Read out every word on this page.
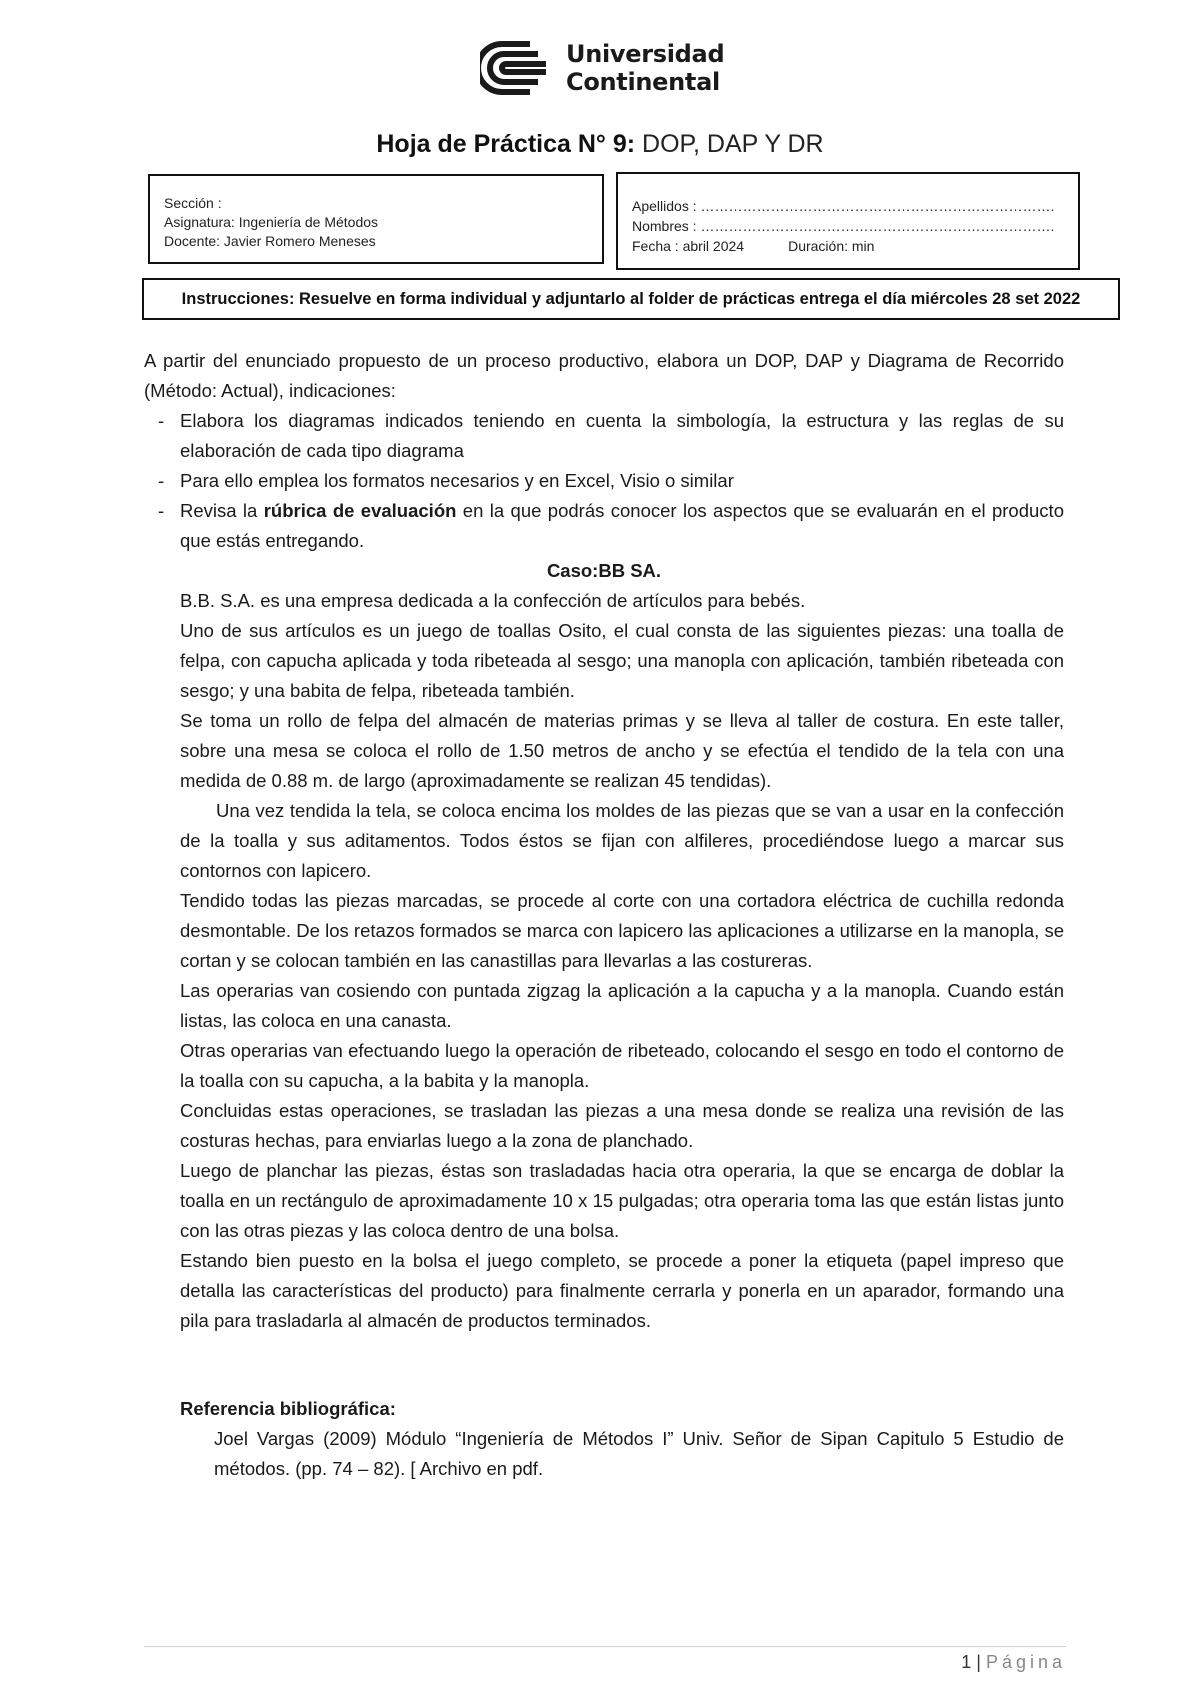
Universidad
Continental
Hoja de Práctica N° 9: DOP, DAP Y DR
Sección :
Asignatura: Ingeniería de Métodos
Docente: Javier Romero Meneses
Apellidos : ………………………………………………………………….
Nombres : ………………………………………………………………….
Fecha : abril 2024	Duración: min
Instrucciones: Resuelve en forma individual y adjuntarlo al folder de prácticas entrega el día miércoles 28 set 2022

A partir del enunciado propuesto de un proceso productivo, elabora un DOP, DAP y Diagrama de Recorrido (Método: Actual), indicaciones:

- Elabora los diagramas indicados teniendo en cuenta la simbología, la estructura y las reglas de su elaboración de cada tipo diagrama
- Para ello emplea los formatos necesarios y en Excel, Visio o similar
- Revisa la rúbrica de evaluación en la que podrás conocer los aspectos que se evaluarán en el producto que estás entregando.

Caso:BB SA.

B.B. S.A. es una empresa dedicada a la confección de artículos para bebés.

Uno de sus artículos es un juego de toallas Osito, el cual consta de las siguientes piezas: una toalla de felpa, con capucha aplicada y toda ribeteada al sesgo; una manopla con aplicación, también ribeteada con sesgo; y una babita de felpa, ribeteada también.

Se toma un rollo de felpa del almacén de materias primas y se lleva al taller de costura. En este taller, sobre una mesa se coloca el rollo de 1.50 metros de ancho y se efectúa el tendido de la tela con una medida de 0.88 m. de largo (aproximadamente se realizan 45 tendidas).

Una vez tendida la tela, se coloca encima los moldes de las piezas que se van a usar en la confección de la toalla y sus aditamentos. Todos éstos se fijan con alfileres, procediéndose luego a marcar sus contornos con lapicero.

Tendido todas las piezas marcadas, se procede al corte con una cortadora eléctrica de cuchilla redonda desmontable. De los retazos formados se marca con lapicero las aplicaciones a utilizarse en la manopla, se cortan y se colocan también en las canastillas para llevarlas a las costureras.

Las operarias van cosiendo con puntada zigzag la aplicación a la capucha y a la manopla. Cuando están listas, las coloca en una canasta.

Otras operarias van efectuando luego la operación de ribeteado, colocando el sesgo en todo el contorno de la toalla con su capucha, a la babita y la manopla.

Concluidas estas operaciones, se trasladan las piezas a una mesa donde se realiza una revisión de las costuras hechas, para enviarlas luego a la zona de planchado.

Luego de planchar las piezas, éstas son trasladadas hacia otra operaria, la que se encarga de doblar la toalla en un rectángulo de aproximadamente 10 x 15 pulgadas; otra operaria toma las que están listas junto con las otras piezas y las coloca dentro de una bolsa.

Estando bien puesto en la bolsa el juego completo, se procede a poner la etiqueta (papel impreso que detalla las características del producto) para finalmente cerrarla y ponerla en un aparador, formando una pila para trasladarla al almacén de productos terminados.

Referencia bibliográfica:

Joel Vargas (2009) Módulo “Ingeniería de Métodos I” Univ. Señor de Sipan Capitulo 5 Estudio de métodos. (pp. 74 – 82). [ Archivo en pdf.

1 | Página
